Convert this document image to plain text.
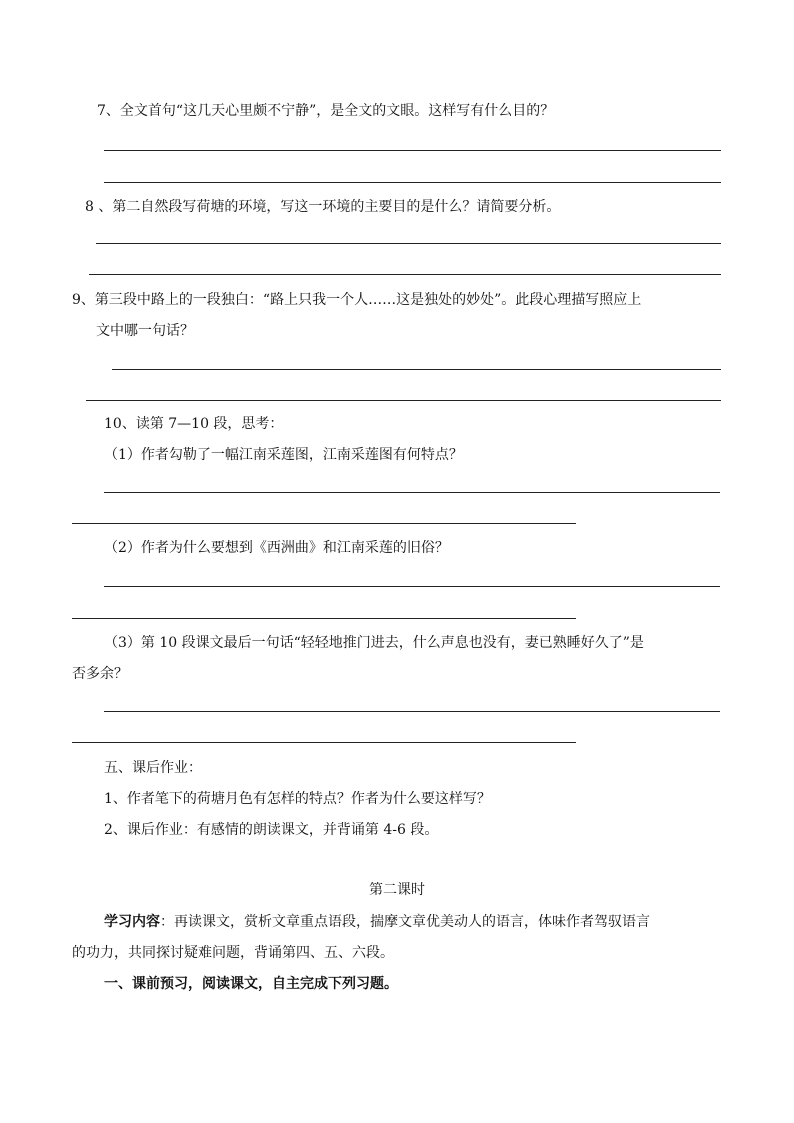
7、全文首句“这几天心里颇不宁静”，是全文的文眼。这样写有什么目的？
8 、第二自然段写荷塘的环境，写这一环境的主要目的是什么？请简要分析。
9、第三段中路上的一段独白：“路上只我一个人……这是独处的妙处”。此段心理描写照应上
文中哪一句话？
10、读第 7—10 段，思考：
（1）作者勾勒了一幅江南采莲图，江南采莲图有何特点？
（2）作者为什么要想到《西洲曲》和江南采莲的旧俗？
（3）第 10 段课文最后一句话“轻轻地推门进去，什么声息也没有，妻已熟睡好久了”是
否多余？
五、课后作业：
1、作者笔下的荷塘月色有怎样的特点？作者为什么要这样写？
2、课后作业：有感情的朗读课文，并背诵第 4-6 段。
第二课时
学习内容：再读课文，赏析文章重点语段，揣摩文章优美动人的语言，体味作者驾驭语言
的功力，共同探讨疑难问题，背诵第四、五、六段。
一、课前预习，阅读课文，自主完成下列习题。
